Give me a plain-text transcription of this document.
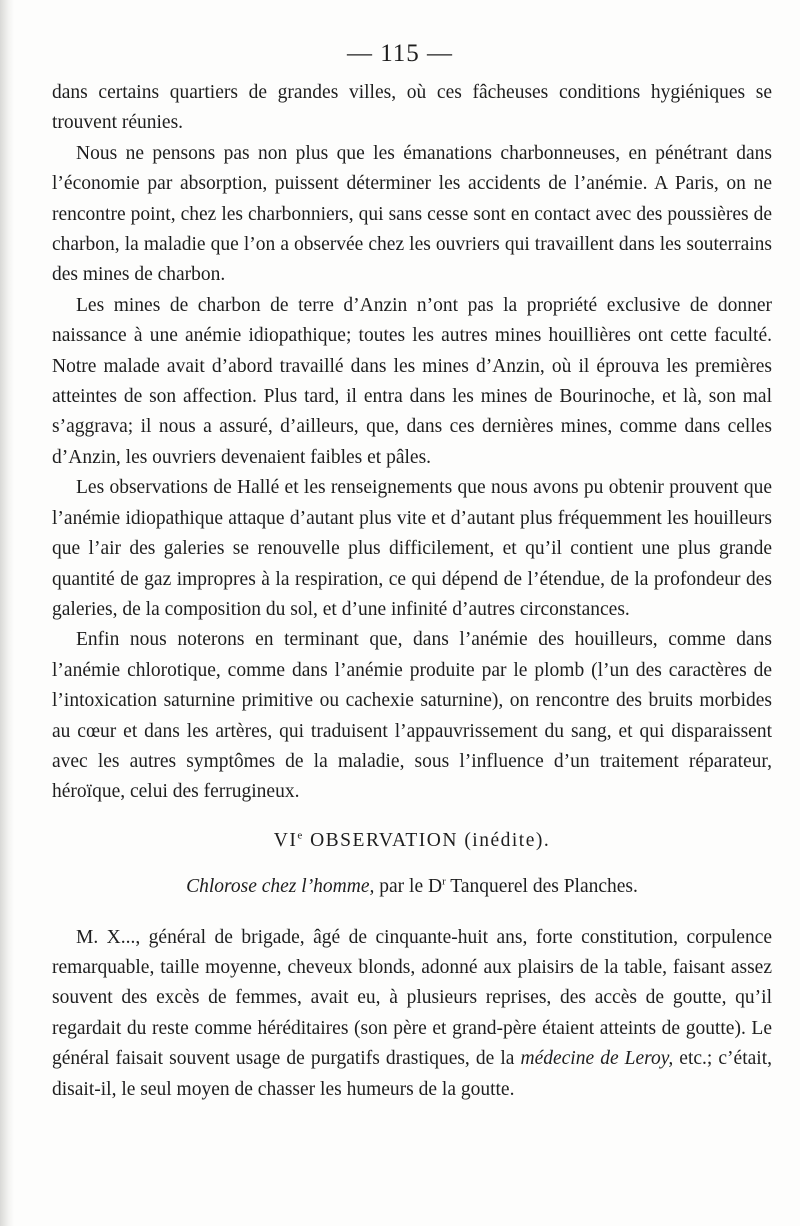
— 115 —

dans certains quartiers de grandes villes, où ces fâcheuses conditions hygiéniques se trouvent réunies.

Nous ne pensons pas non plus que les émanations charbonneuses, en pénétrant dans l’économie par absorption, puissent déterminer les accidents de l’anémie. A Paris, on ne rencontre point, chez les charbonniers, qui sans cesse sont en contact avec des poussières de charbon, la maladie que l’on a observée chez les ouvriers qui travaillent dans les souterrains des mines de charbon.

Les mines de charbon de terre d’Anzin n’ont pas la propriété exclusive de donner naissance à une anémie idiopathique; toutes les autres mines houillières ont cette faculté. Notre malade avait d’abord travaillé dans les mines d’Anzin, où il éprouva les premières atteintes de son affection. Plus tard, il entra dans les mines de Bourinoche, et là, son mal s’aggrava; il nous a assuré, d’ailleurs, que, dans ces dernières mines, comme dans celles d’Anzin, les ouvriers devenaient faibles et pâles.

Les observations de Hallé et les renseignements que nous avons pu obtenir prouvent que l’anémie idiopathique attaque d’autant plus vite et d’autant plus fréquemment les houilleurs que l’air des galeries se renouvelle plus difficilement, et qu’il contient une plus grande quantité de gaz impropres à la respiration, ce qui dépend de l’étendue, de la profondeur des galeries, de la composition du sol, et d’une infinité d’autres circonstances.

Enfin nous noterons en terminant que, dans l’anémie des houilleurs, comme dans l’anémie chlorotique, comme dans l’anémie produite par le plomb (l’un des caractères de l’intoxication saturnine primitive ou cachexie saturnine), on rencontre des bruits morbides au cœur et dans les artères, qui traduisent l’appauvrissement du sang, et qui disparaissent avec les autres symptômes de la maladie, sous l’influence d’un traitement réparateur, héroïque, celui des ferrugineux.

VIe OBSERVATION (inédite).
Chlorose chez l’homme, par le $D^r$ Tanquerel des Planches.

M. X..., général de brigade, âgé de cinquante-huit ans, forte constitution, corpulence remarquable, taille moyenne, cheveux blonds, adonné aux plaisirs de la table, faisant assez souvent des excès de femmes, avait eu, à plusieurs reprises, des accès de goutte, qu’il regardait du reste comme héréditaires (son père et grand-père étaient atteints de goutte). Le général faisait souvent usage de purgatifs drastiques, de la médecine de Leroy, etc.; c’était, disait-il, le seul moyen de chasser les humeurs de la goutte.
